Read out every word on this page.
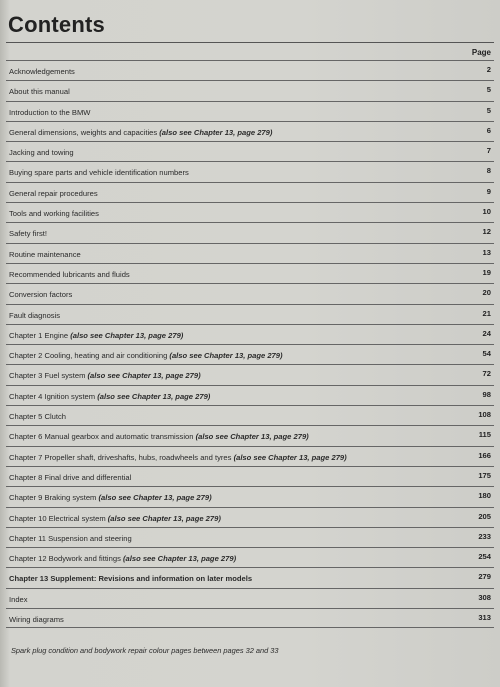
Contents
Page
Acknowledgements	2
About this manual	5
Introduction to the BMW	5
General dimensions, weights and capacities (also see Chapter 13, page 279)	6
Jacking and towing	7
Buying spare parts and vehicle identification numbers	8
General repair procedures	9
Tools and working facilities	10
Safety first!	12
Routine maintenance	13
Recommended lubricants and fluids	19
Conversion factors	20
Fault diagnosis	21
Chapter 1 Engine (also see Chapter 13, page 279)	24
Chapter 2 Cooling, heating and air conditioning (also see Chapter 13, page 279)	54
Chapter 3 Fuel system (also see Chapter 13, page 279)	72
Chapter 4 Ignition system (also see Chapter 13, page 279)	98
Chapter 5 Clutch	108
Chapter 6 Manual gearbox and automatic transmission (also see Chapter 13, page 279)	115
Chapter 7 Propeller shaft, driveshafts, hubs, roadwheels and tyres (also see Chapter 13, page 279)	166
Chapter 8 Final drive and differential	175
Chapter 9 Braking system (also see Chapter 13, page 279)	180
Chapter 10 Electrical system (also see Chapter 13, page 279)	205
Chapter 11 Suspension and steering	233
Chapter 12 Bodywork and fittings (also see Chapter 13, page 279)	254
Chapter 13 Supplement: Revisions and information on later models	279
Index	308
Wiring diagrams	313
Spark plug condition and bodywork repair colour pages between pages 32 and 33
